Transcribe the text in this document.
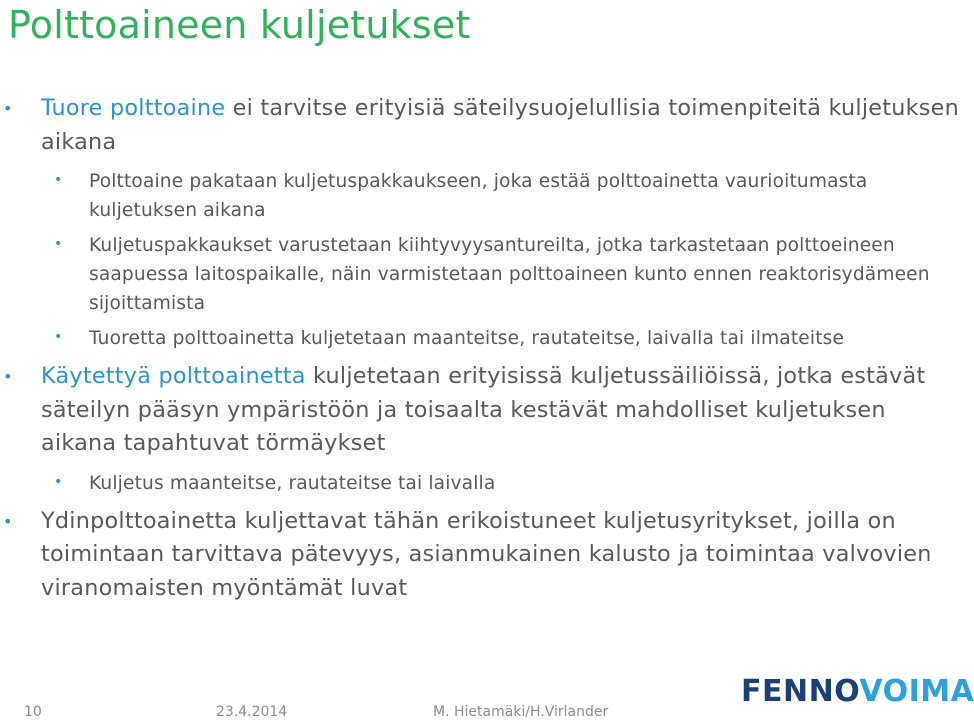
Polttoaineen kuljetukset

• Tuore polttoaine ei tarvitse erityisiä säteilysuojelullisia toimenpiteitä kuljetuksen aikana

• Polttoaine pakataan kuljetuspakkaukseen, joka estää polttoainetta vaurioitumasta kuljetuksen aikana

• Kuljetuspakkaukset varustetaan kiihtyvyysantureilta, jotka tarkastetaan polttoeineen saapuessa laitospaikalle, näin varmistetaan polttoaineen kunto ennen reaktorisydämeen sijoittamista

• Tuoretta polttoainetta kuljetetaan maanteitse, rautateitse, laivalla tai ilmateitse

• Käytettyä polttoainetta kuljetetaan erityisissä kuljetussäiliöissä, jotka estävät säteilyn pääsyn ympäristöön ja toisaalta kestävät mahdolliset kuljetuksen aikana tapahtuvat törmäykset

• Kuljetus maanteitse, rautateitse tai laivalla

• Ydinpolttoainetta kuljettavat tähän erikoistuneet kuljetusyritykset, joilla on toimintaan tarvittava pätevyys, asianmukainen kalusto ja toimintaa valvovien viranomaisten myöntämät luvat

FENNOVOIMA
10	23.4.2014	M. Hietamäki/H.Virlander
